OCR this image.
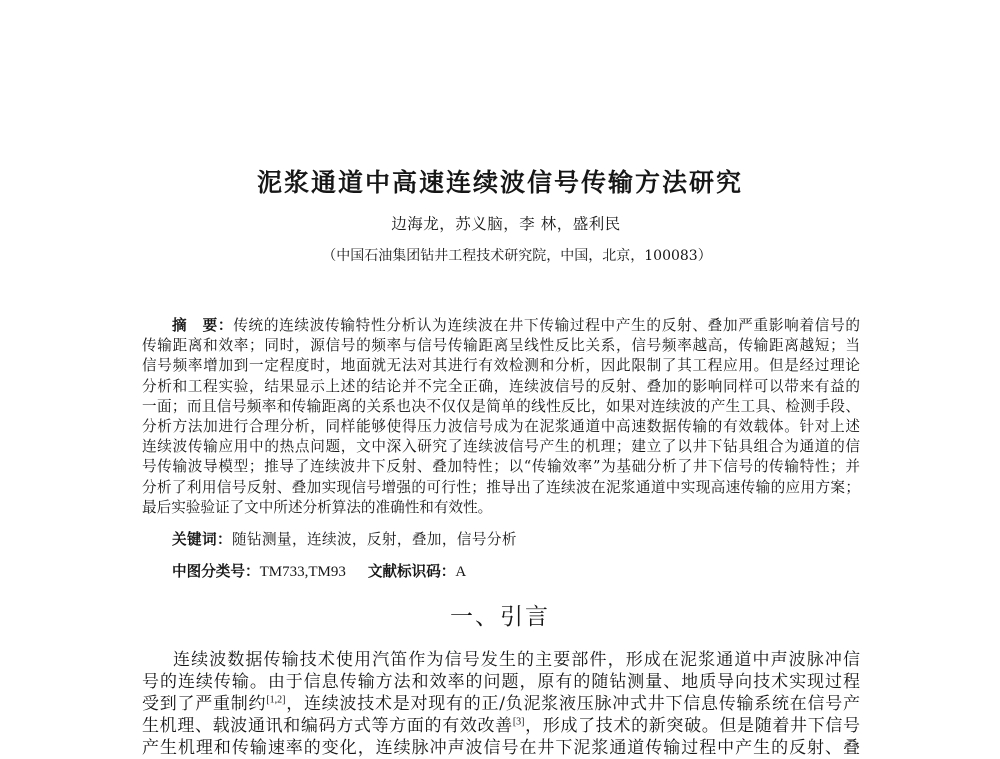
泥浆通道中高速连续波信号传输方法研究
边海龙，苏义脑，李 林，盛利民
（中国石油集团钻井工程技术研究院，中国，北京，100083）
摘　要：传统的连续波传输特性分析认为连续波在井下传输过程中产生的反射、叠加严重影响着信号的
传输距离和效率；同时，源信号的频率与信号传输距离呈线性反比关系，信号频率越高，传输距离越短；当
信号频率增加到一定程度时，地面就无法对其进行有效检测和分析，因此限制了其工程应用。但是经过理论
分析和工程实验，结果显示上述的结论并不完全正确，连续波信号的反射、叠加的影响同样可以带来有益的
一面；而且信号频率和传输距离的关系也决不仅仅是简单的线性反比，如果对连续波的产生工具、检测手段、
分析方法加进行合理分析，同样能够使得压力波信号成为在泥浆通道中高速数据传输的有效载体。针对上述
连续波传输应用中的热点问题，文中深入研究了连续波信号产生的机理；建立了以井下钻具组合为通道的信
号传输波导模型；推导了连续波井下反射、叠加特性；以“传输效率”为基础分析了井下信号的传输特性；并
分析了利用信号反射、叠加实现信号增强的可行性；推导出了连续波在泥浆通道中实现高速传输的应用方案；
最后实验验证了文中所述分析算法的准确性和有效性。
关键词：随钻测量，连续波，反射，叠加，信号分析
中图分类号：TM733,TM93 文献标识码：A
一、引言
连续波数据传输技术使用汽笛作为信号发生的主要部件，形成在泥浆通道中声波脉冲信
号的连续传输。由于信息传输方法和效率的问题，原有的随钻测量、地质导向技术实现过程
受到了严重制约[1,2]，连续波技术是对现有的正/负泥浆液压脉冲式井下信息传输系统在信号产
生机理、载波通讯和编码方式等方面的有效改善[3]，形成了技术的新突破。但是随着井下信号
产生机理和传输速率的变化，连续脉冲声波信号在井下泥浆通道传输过程中产生的反射、叠
